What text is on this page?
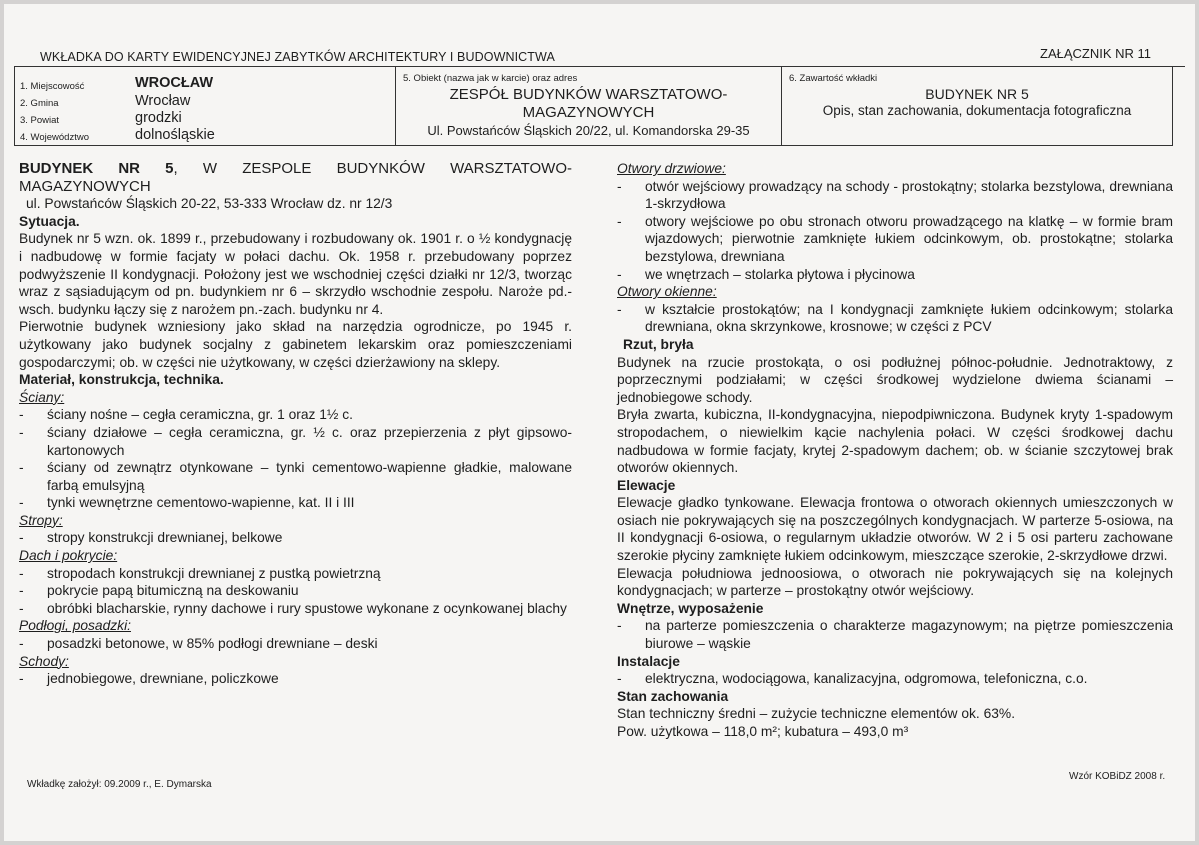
WKŁADKA DO KARTY EWIDENCYJNEJ ZABYTKÓW ARCHITEKTURY I BUDOWNICTWA	ZAŁĄCZNIK NR 11
1. Miejscowość
2. Gmina
3. Powiat
4. Województwo
WROCŁAW
Wrocław
grodzki
dolnośląskie
5. Obiekt (nazwa jak w karcie) oraz adres
ZESPÓŁ BUDYNKÓW WARSZTATOWO-
MAGAZYNOWYCH
Ul. Powstańców Śląskich 20/22, ul. Komandorska 29-35
6. Zawartość wkładki
BUDYNEK NR 5
Opis, stan zachowania, dokumentacja fotograficzna

BUDYNEK NR 5, W ZESPOLE BUDYNKÓW WARSZTATOWO-

MAGAZYNOWYCH

ul. Powstańców Śląskich 20-22, 53-333 Wrocław dz. nr 12/3

Sytuacja.

Budynek nr 5 wzn. ok. 1899 r., przebudowany i rozbudowany ok. 1901 r. o ½ kondygnację i nadbudowę w formie facjaty w połaci dachu. Ok. 1958 r. przebudowany poprzez podwyższenie II kondygnacji. Położony jest we wschodniej części działki nr 12/3, tworząc wraz z sąsiadującym od pn. budynkiem nr 6 – skrzydło wschodnie zespołu. Naroże pd.-wsch. budynku łączy się z narożem pn.-zach. budynku nr 4.

Pierwotnie budynek wzniesiony jako skład na narzędzia ogrodnicze, po 1945 r. użytkowany jako budynek socjalny z gabinetem lekarskim oraz pomieszczeniami gospodarczymi; ob. w części nie użytkowany, w części dzierżawiony na sklepy.

Materiał, konstrukcja, technika.

Ściany:

- ściany nośne – cegła ceramiczna, gr. 1 oraz 1½ c.

- ściany działowe – cegła ceramiczna, gr. ½ c. oraz przepierzenia z płyt gipsowo-kartonowych

- ściany od zewnątrz otynkowane – tynki cementowo-wapienne gładkie, malowane farbą emulsyjną

- tynki wewnętrzne cementowo-wapienne, kat. II i III

Stropy:

- stropy konstrukcji drewnianej, belkowe

Dach i pokrycie:

- stropodach konstrukcji drewnianej z pustką powietrzną

- pokrycie papą bitumiczną na deskowaniu

- obróbki blacharskie, rynny dachowe i rury spustowe wykonane z ocynkowanej blachy

Podłogi, posadzki:

- posadzki betonowe, w 85% podłogi drewniane – deski

Schody:

- jednobiegowe, drewniane, policzkowe

Otwory drzwiowe:

- otwór wejściowy prowadzący na schody - prostokątny; stolarka bezstylowa, drewniana 1-skrzydłowa

- otwory wejściowe po obu stronach otworu prowadzącego na klatkę – w formie bram wjazdowych; pierwotnie zamknięte łukiem odcinkowym, ob. prostokątne; stolarka bezstylowa, drewniana

- we wnętrzach – stolarka płytowa i płycinowa

Otwory okienne:

- w kształcie prostokątów; na I kondygnacji zamknięte łukiem odcinkowym; stolarka drewniana, okna skrzynkowe, krosnowe; w części z PCV

Rzut, bryła

Budynek na rzucie prostokąta, o osi podłużnej północ-południe. Jednotraktowy, z poprzecznymi podziałami; w części środkowej wydzielone dwiema ścianami – jednobiegowe schody.

Bryła zwarta, kubiczna, II-kondygnacyjna, niepodpiwniczona. Budynek kryty 1-spadowym stropodachem, o niewielkim kącie nachylenia połaci. W części środkowej dachu nadbudowa w formie facjaty, krytej 2-spadowym dachem; ob. w ścianie szczytowej brak otworów okiennych.

Elewacje

Elewacje gładko tynkowane. Elewacja frontowa o otworach okiennych umieszczonych w osiach nie pokrywających się na poszczególnych kondygnacjach. W parterze 5-osiowa, na II kondygnacji 6-osiowa, o regularnym układzie otworów. W 2 i 5 osi parteru zachowane szerokie płyciny zamknięte łukiem odcinkowym, mieszczące szerokie, 2-skrzydłowe drzwi.

Elewacja południowa jednoosiowa, o otworach nie pokrywających się na kolejnych kondygnacjach; w parterze – prostokątny otwór wejściowy.

Wnętrze, wyposażenie

- na parterze pomieszczenia o charakterze magazynowym; na piętrze pomieszczenia biurowe – wąskie

Instalacje

- elektryczna, wodociągowa, kanalizacyjna, odgromowa, telefoniczna, c.o.

Stan zachowania

Stan techniczny średni – zużycie techniczne elementów ok. 63%.

Pow. użytkowa – 118,0 m²; kubatura – 493,0 m³

Wkładkę założył: 09.2009 r., E. Dymarska
Wzór KOBiDZ 2008 r.
